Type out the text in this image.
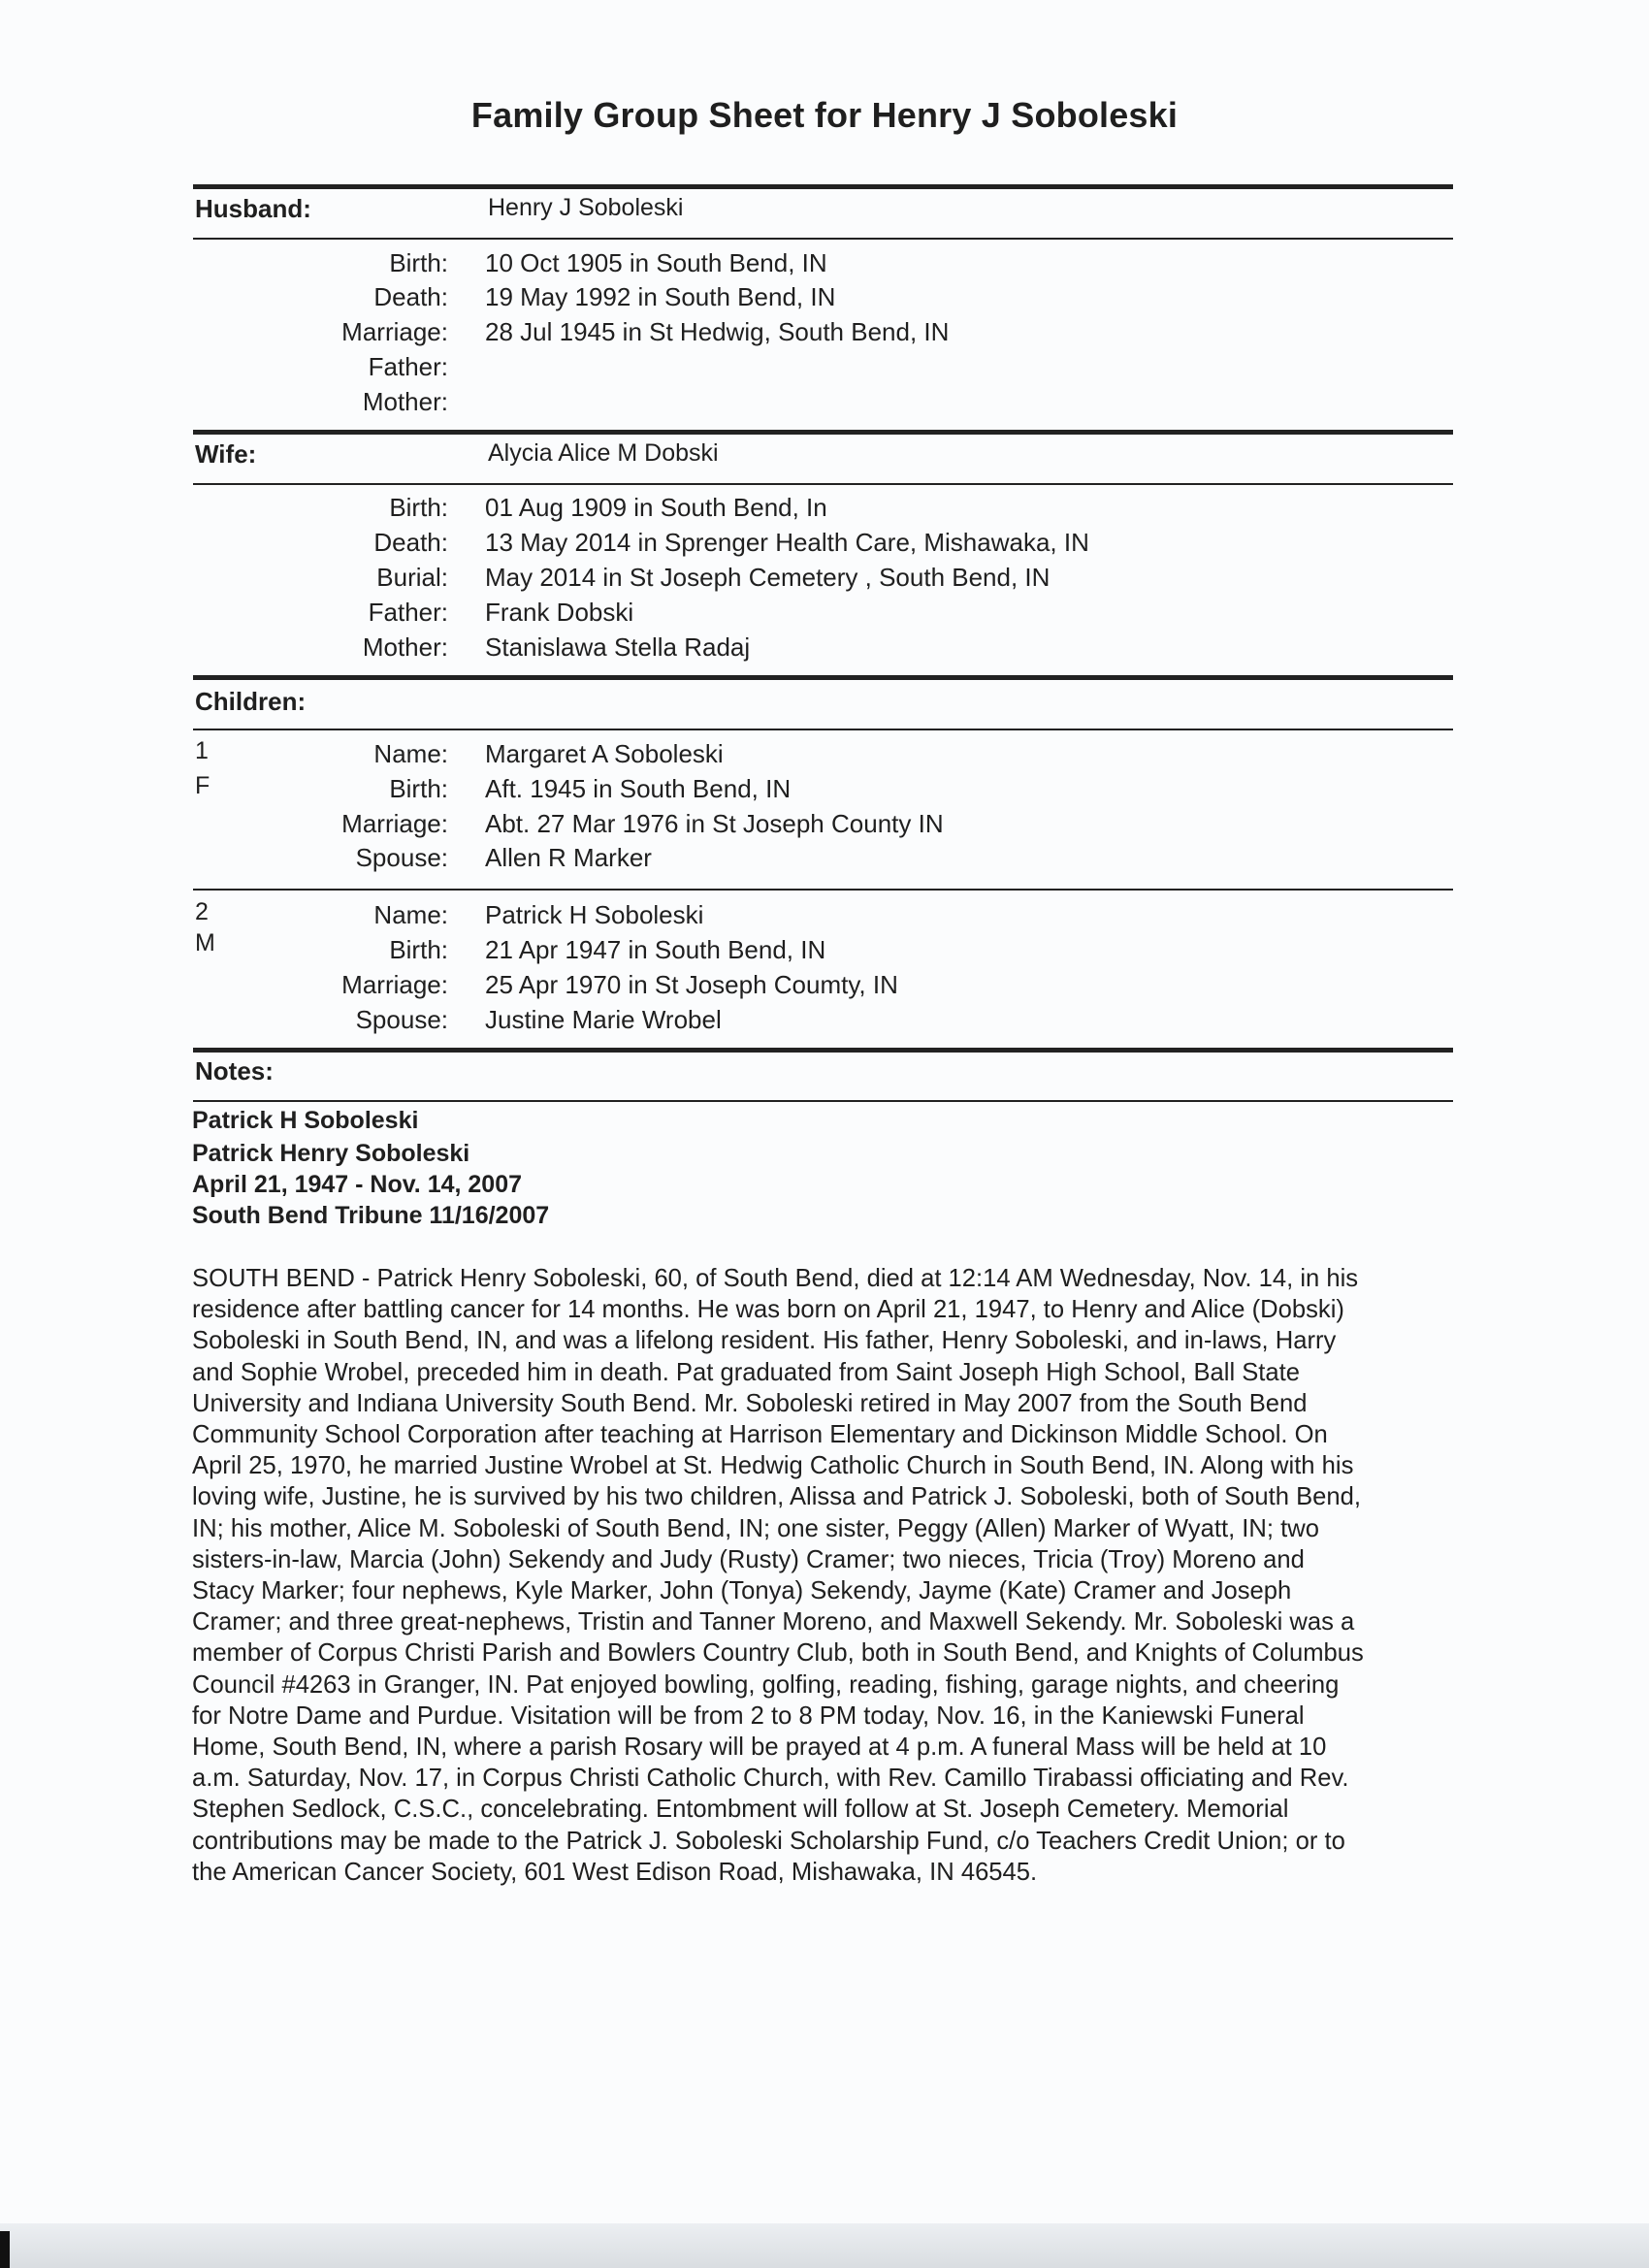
Family Group Sheet for Henry J Soboleski
Husband:	Henry J Soboleski
Birth: 10 Oct 1905 in South Bend, IN
Death: 19 May 1992 in South Bend, IN
Marriage: 28 Jul 1945 in St Hedwig, South Bend, IN
Father:
Mother:
Wife:	Alycia Alice M Dobski
Birth: 01 Aug 1909 in South Bend, In
Death: 13 May 2014 in Sprenger Health Care, Mishawaka, IN
Burial: May 2014 in St Joseph Cemetery , South Bend, IN
Father: Frank Dobski
Mother: Stanislawa Stella Radaj
Children:
1
F
Name: Margaret A Soboleski
Birth: Aft. 1945 in South Bend, IN
Marriage: Abt. 27 Mar 1976 in St Joseph County IN
Spouse: Allen R Marker
2
M
Name: Patrick H Soboleski
Birth: 21 Apr 1947 in South Bend, IN
Marriage: 25 Apr 1970 in St Joseph Coumty, IN
Spouse: Justine Marie Wrobel
Notes:
Patrick H Soboleski
Patrick Henry Soboleski
April 21, 1947 - Nov. 14, 2007
South Bend Tribune 11/16/2007

SOUTH BEND - Patrick Henry Soboleski, 60, of South Bend, died at 12:14 AM Wednesday, Nov. 14, in his
residence after battling cancer for 14 months. He was born on April 21, 1947, to Henry and Alice (Dobski)
Soboleski in South Bend, IN, and was a lifelong resident. His father, Henry Soboleski, and in-laws, Harry
and Sophie Wrobel, preceded him in death. Pat graduated from Saint Joseph High School, Ball State
University and Indiana University South Bend. Mr. Soboleski retired in May 2007 from the South Bend
Community School Corporation after teaching at Harrison Elementary and Dickinson Middle School. On
April 25, 1970, he married Justine Wrobel at St. Hedwig Catholic Church in South Bend, IN. Along with his
loving wife, Justine, he is survived by his two children, Alissa and Patrick J. Soboleski, both of South Bend,
IN; his mother, Alice M. Soboleski of South Bend, IN; one sister, Peggy (Allen) Marker of Wyatt, IN; two
sisters-in-law, Marcia (John) Sekendy and Judy (Rusty) Cramer; two nieces, Tricia (Troy) Moreno and
Stacy Marker; four nephews, Kyle Marker, John (Tonya) Sekendy, Jayme (Kate) Cramer and Joseph
Cramer; and three great-nephews, Tristin and Tanner Moreno, and Maxwell Sekendy. Mr. Soboleski was a
member of Corpus Christi Parish and Bowlers Country Club, both in South Bend, and Knights of Columbus
Council #4263 in Granger, IN. Pat enjoyed bowling, golfing, reading, fishing, garage nights, and cheering
for Notre Dame and Purdue. Visitation will be from 2 to 8 PM today, Nov. 16, in the Kaniewski Funeral
Home, South Bend, IN, where a parish Rosary will be prayed at 4 p.m. A funeral Mass will be held at 10
a.m. Saturday, Nov. 17, in Corpus Christi Catholic Church, with Rev. Camillo Tirabassi officiating and Rev.
Stephen Sedlock, C.S.C., concelebrating. Entombment will follow at St. Joseph Cemetery. Memorial
contributions may be made to the Patrick J. Soboleski Scholarship Fund, c/o Teachers Credit Union; or to
the American Cancer Society, 601 West Edison Road, Mishawaka, IN 46545.
